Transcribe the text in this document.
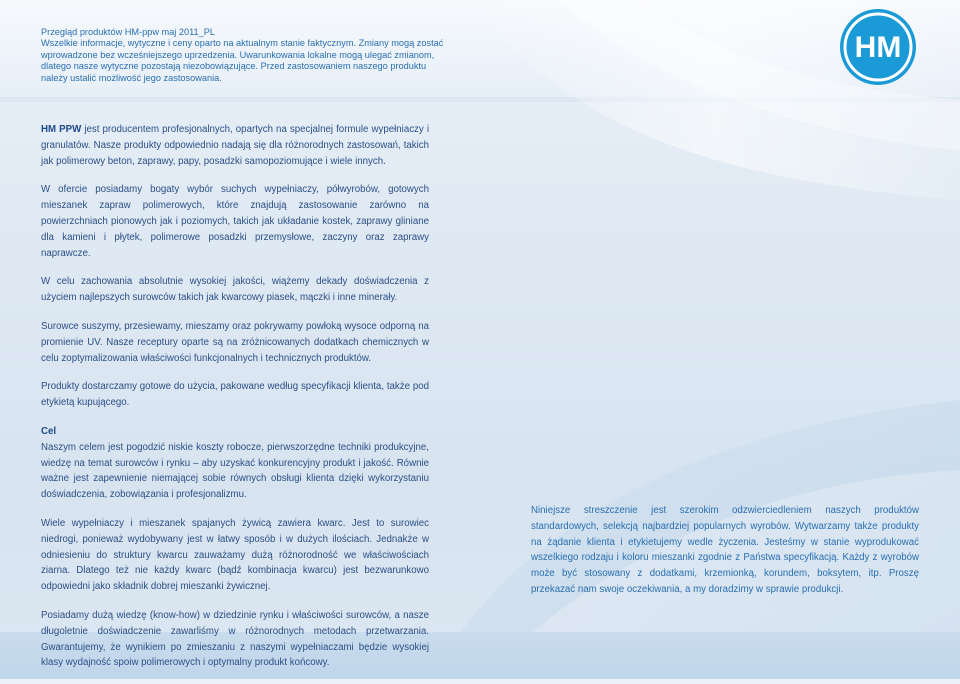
Przegląd produktów HM-ppw maj 2011_PL
Wszelkie informacje, wytyczne i ceny oparto na aktualnym stanie faktycznym. Zmiany mogą zostać
wprowadzone bez wcześniejszego uprzedzenia. Uwarunkowania lokalne mogą ulegać zmianom,
dlatego nasze wytyczne pozostają niezobowiązujące. Przed zastosowaniem naszego produktu
należy ustalić możliwość jego zastosowania.
HM

HM PPW jest producentem profesjonalnych, opartych na specjalnej formule wypełniaczy i granulatów. Nasze produkty odpowiednio nadają się dla różnorodnych zastosowań, takich jak polimerowy beton, zaprawy, papy, posadzki samopoziomujące i wiele innych.

W ofercie posiadamy bogaty wybór suchych wypełniaczy, półwyrobów, gotowych mieszanek zapraw polimerowych, które znajdują zastosowanie zarówno na powierzchniach pionowych jak i poziomych, takich jak układanie kostek, zaprawy gliniane dla kamieni i płytek, polimerowe posadzki przemysłowe, zaczyny oraz zaprawy naprawcze.

W celu zachowania absolutnie wysokiej jakości, wiążemy dekady doświadczenia z użyciem najlepszych surowców takich jak kwarcowy piasek, mączki i inne minerały.

Surowce suszymy, przesiewamy, mieszamy oraz pokrywamy powłoką wysoce odporną na promienie UV. Nasze receptury oparte są na zróżnicowanych dodatkach chemicznych w celu zoptymalizowania właściwości funkcjonalnych i technicznych produktów.

Produkty dostarczamy gotowe do użycia, pakowane według specyfikacji klienta, także pod etykietą kupującego.

Cel
Naszym celem jest pogodzić niskie koszty robocze, pierwszorzędne techniki produkcyjne, wiedzę na temat surowców i rynku – aby uzyskać konkurencyjny produkt i jakość. Równie ważne jest zapewnienie niemającej sobie równych obsługi klienta dzięki wykorzystaniu doświadczenia, zobowiązania i profesjonalizmu.

Wiele wypełniaczy i mieszanek spajanych żywicą zawiera kwarc. Jest to surowiec niedrogi, ponieważ wydobywany jest w łatwy sposób i w dużych ilościach. Jednakże w odniesieniu do struktury kwarcu zauważamy dużą różnorodność we właściwościach ziarna. Dlatego też nie każdy kwarc (bądź kombinacja kwarcu) jest bezwarunkowo odpowiedni jako składnik dobrej mieszanki żywicznej.

Posiadamy dużą wiedzę (know-how) w dziedzinie rynku i właściwości surowców, a nasze długoletnie doświadczenie zawarliśmy w różnorodnych metodach przetwarzania. Gwarantujemy, że wynikiem po zmieszaniu z naszymi wypełniaczami będzie wysokiej klasy wydajność spoiw polimerowych i optymalny produkt końcowy.

Niniejsze streszczenie jest szerokim odzwierciedleniem naszych produktów standardowych, selekcją najbardziej popularnych wyrobów. Wytwarzamy także produkty na żądanie klienta i etykietujemy wedle życzenia. Jesteśmy w stanie wyprodukować wszelkiego rodzaju i koloru mieszanki zgodnie z Państwa specyfikacją. Każdy z wyrobów może być stosowany z dodatkami, krzemionką, korundem, boksytem, itp. Proszę przekazać nam swoje oczekiwania, a my doradzimy w sprawie produkcji.
